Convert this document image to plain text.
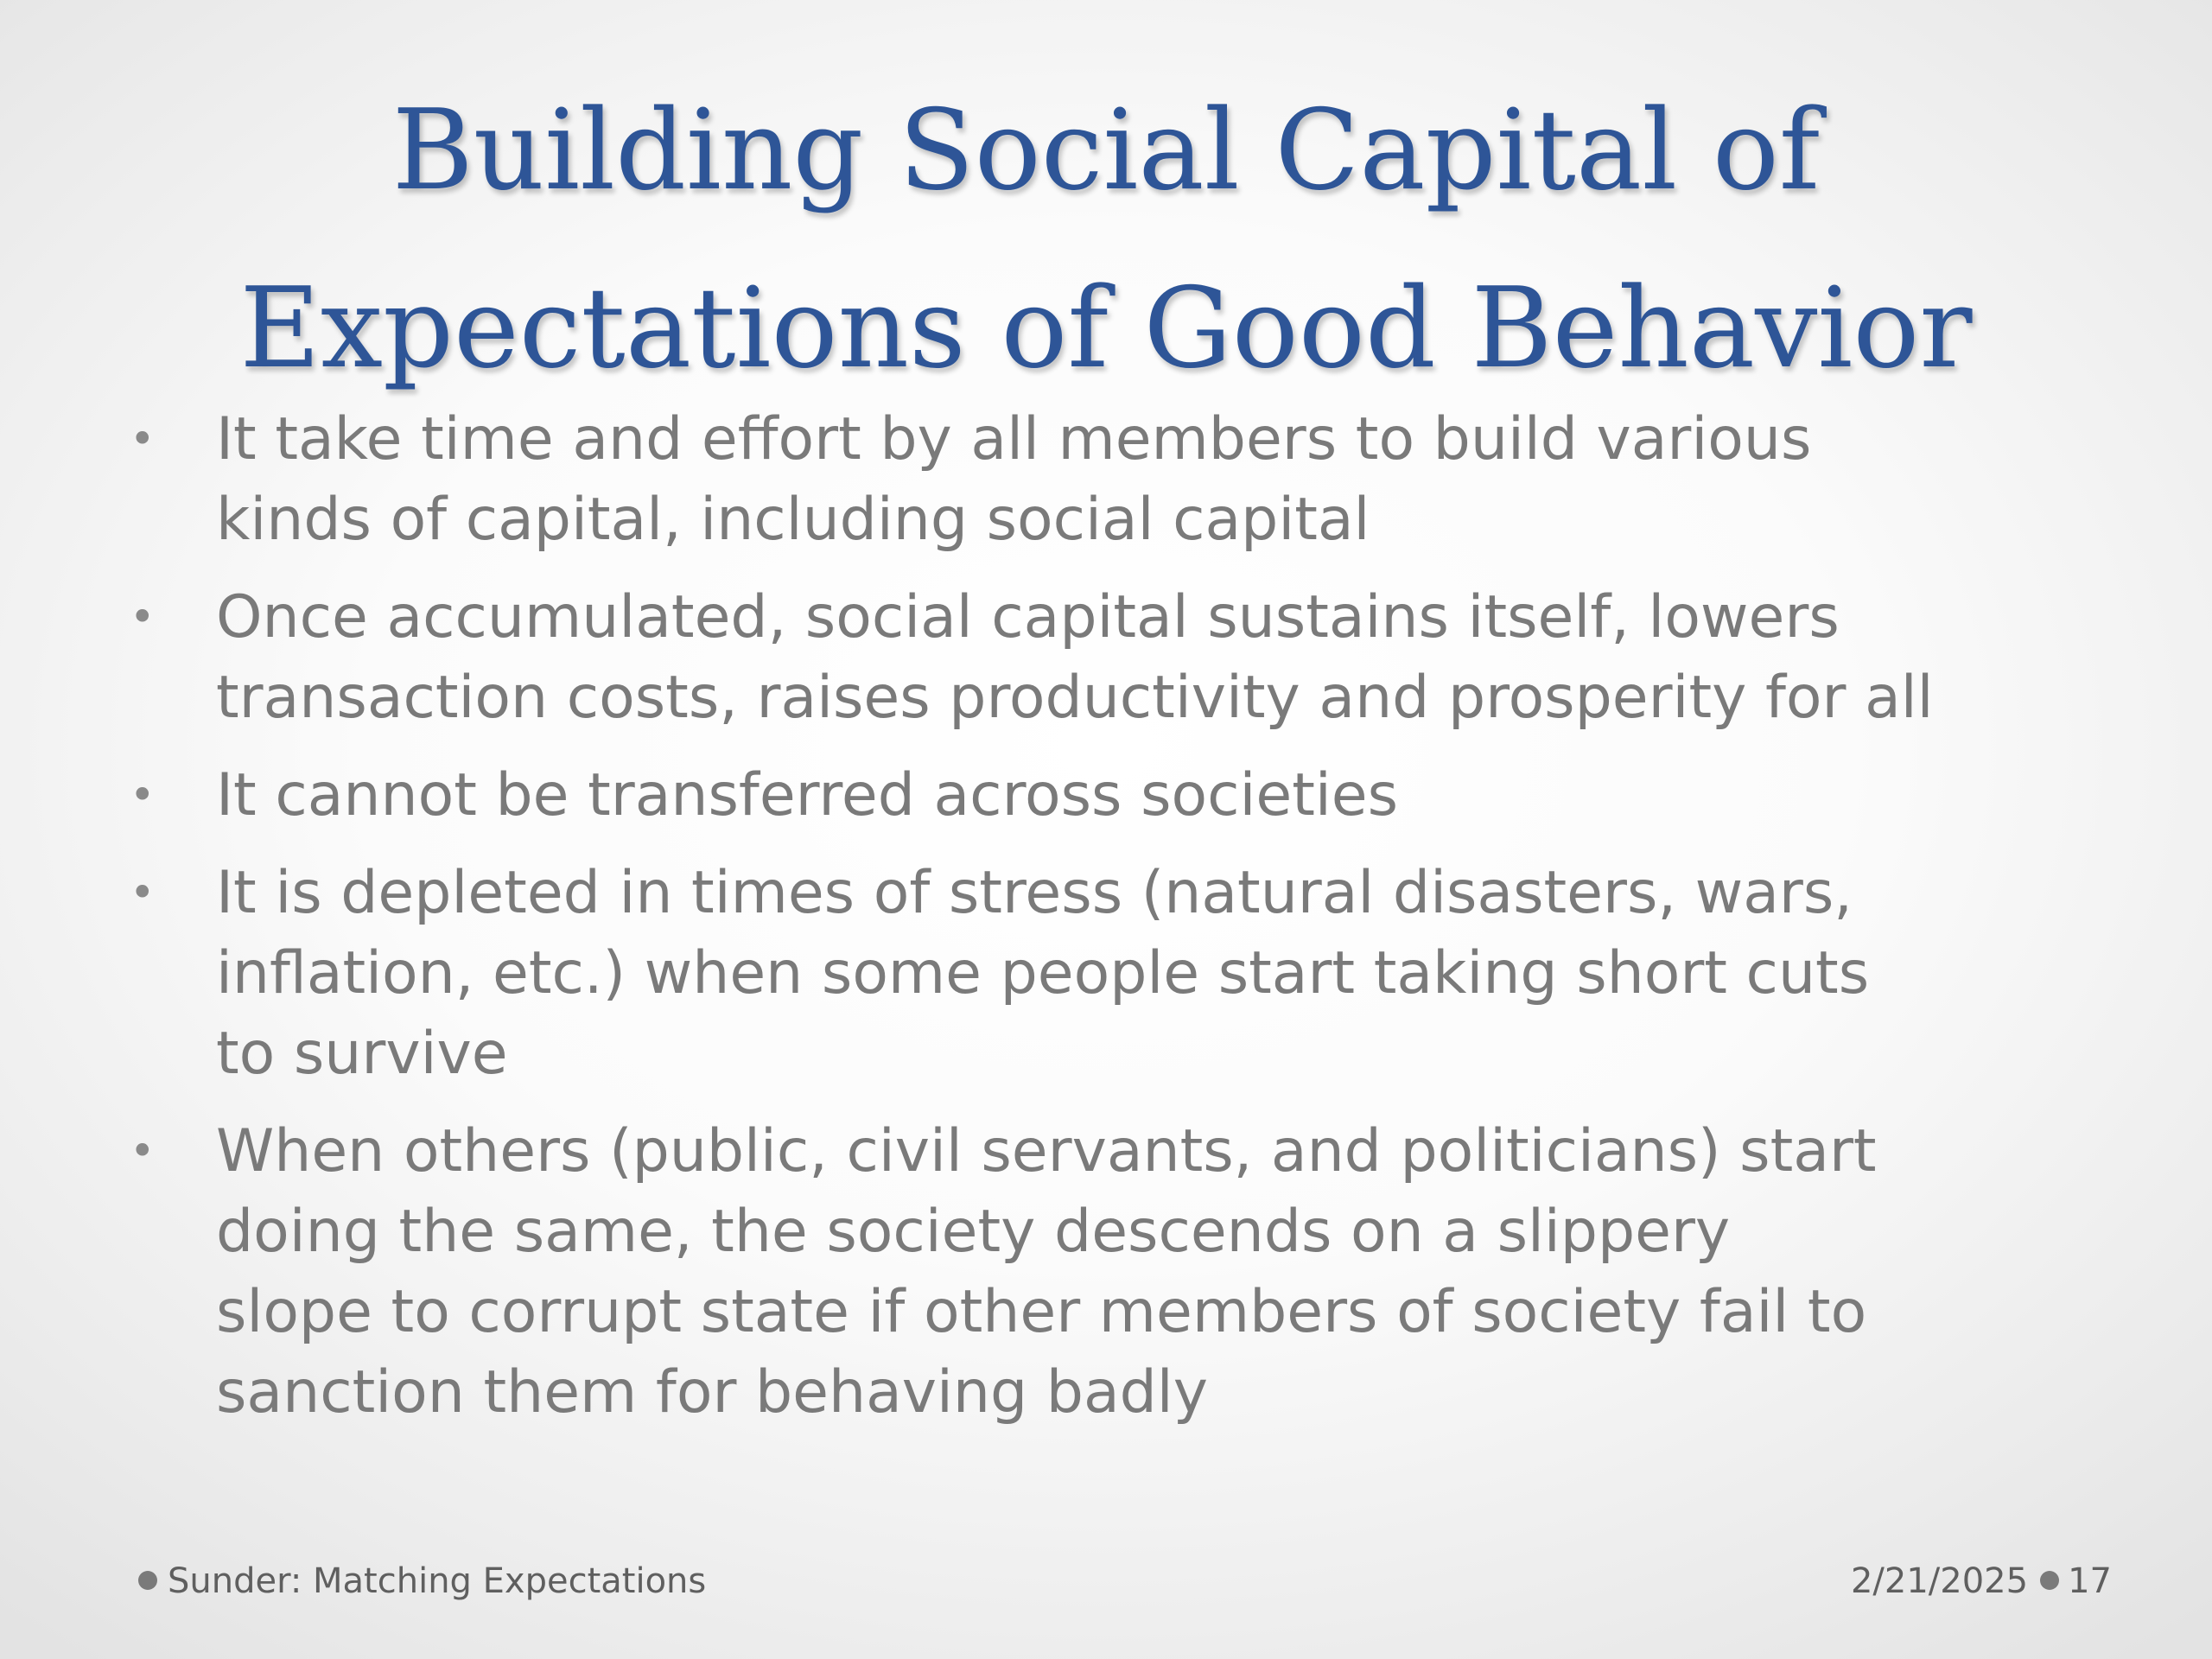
Building Social Capital of
Expectations of Good Behavior
•	It take time and effort by all members to build various
kinds of capital, including social capital
•	Once accumulated, social capital sustains itself, lowers
transaction costs, raises productivity and prosperity for all
•	It cannot be transferred across societies
•	It is depleted in times of stress (natural disasters, wars,
inflation, etc.) when some people start taking short cuts
to survive
•	When others (public, civil servants, and politicians) start
doing the same, the society descends on a slippery
slope to corrupt state if other members of society fail to
sanction them for behaving badly
Sunder: Matching Expectations	2/21/2025 17
